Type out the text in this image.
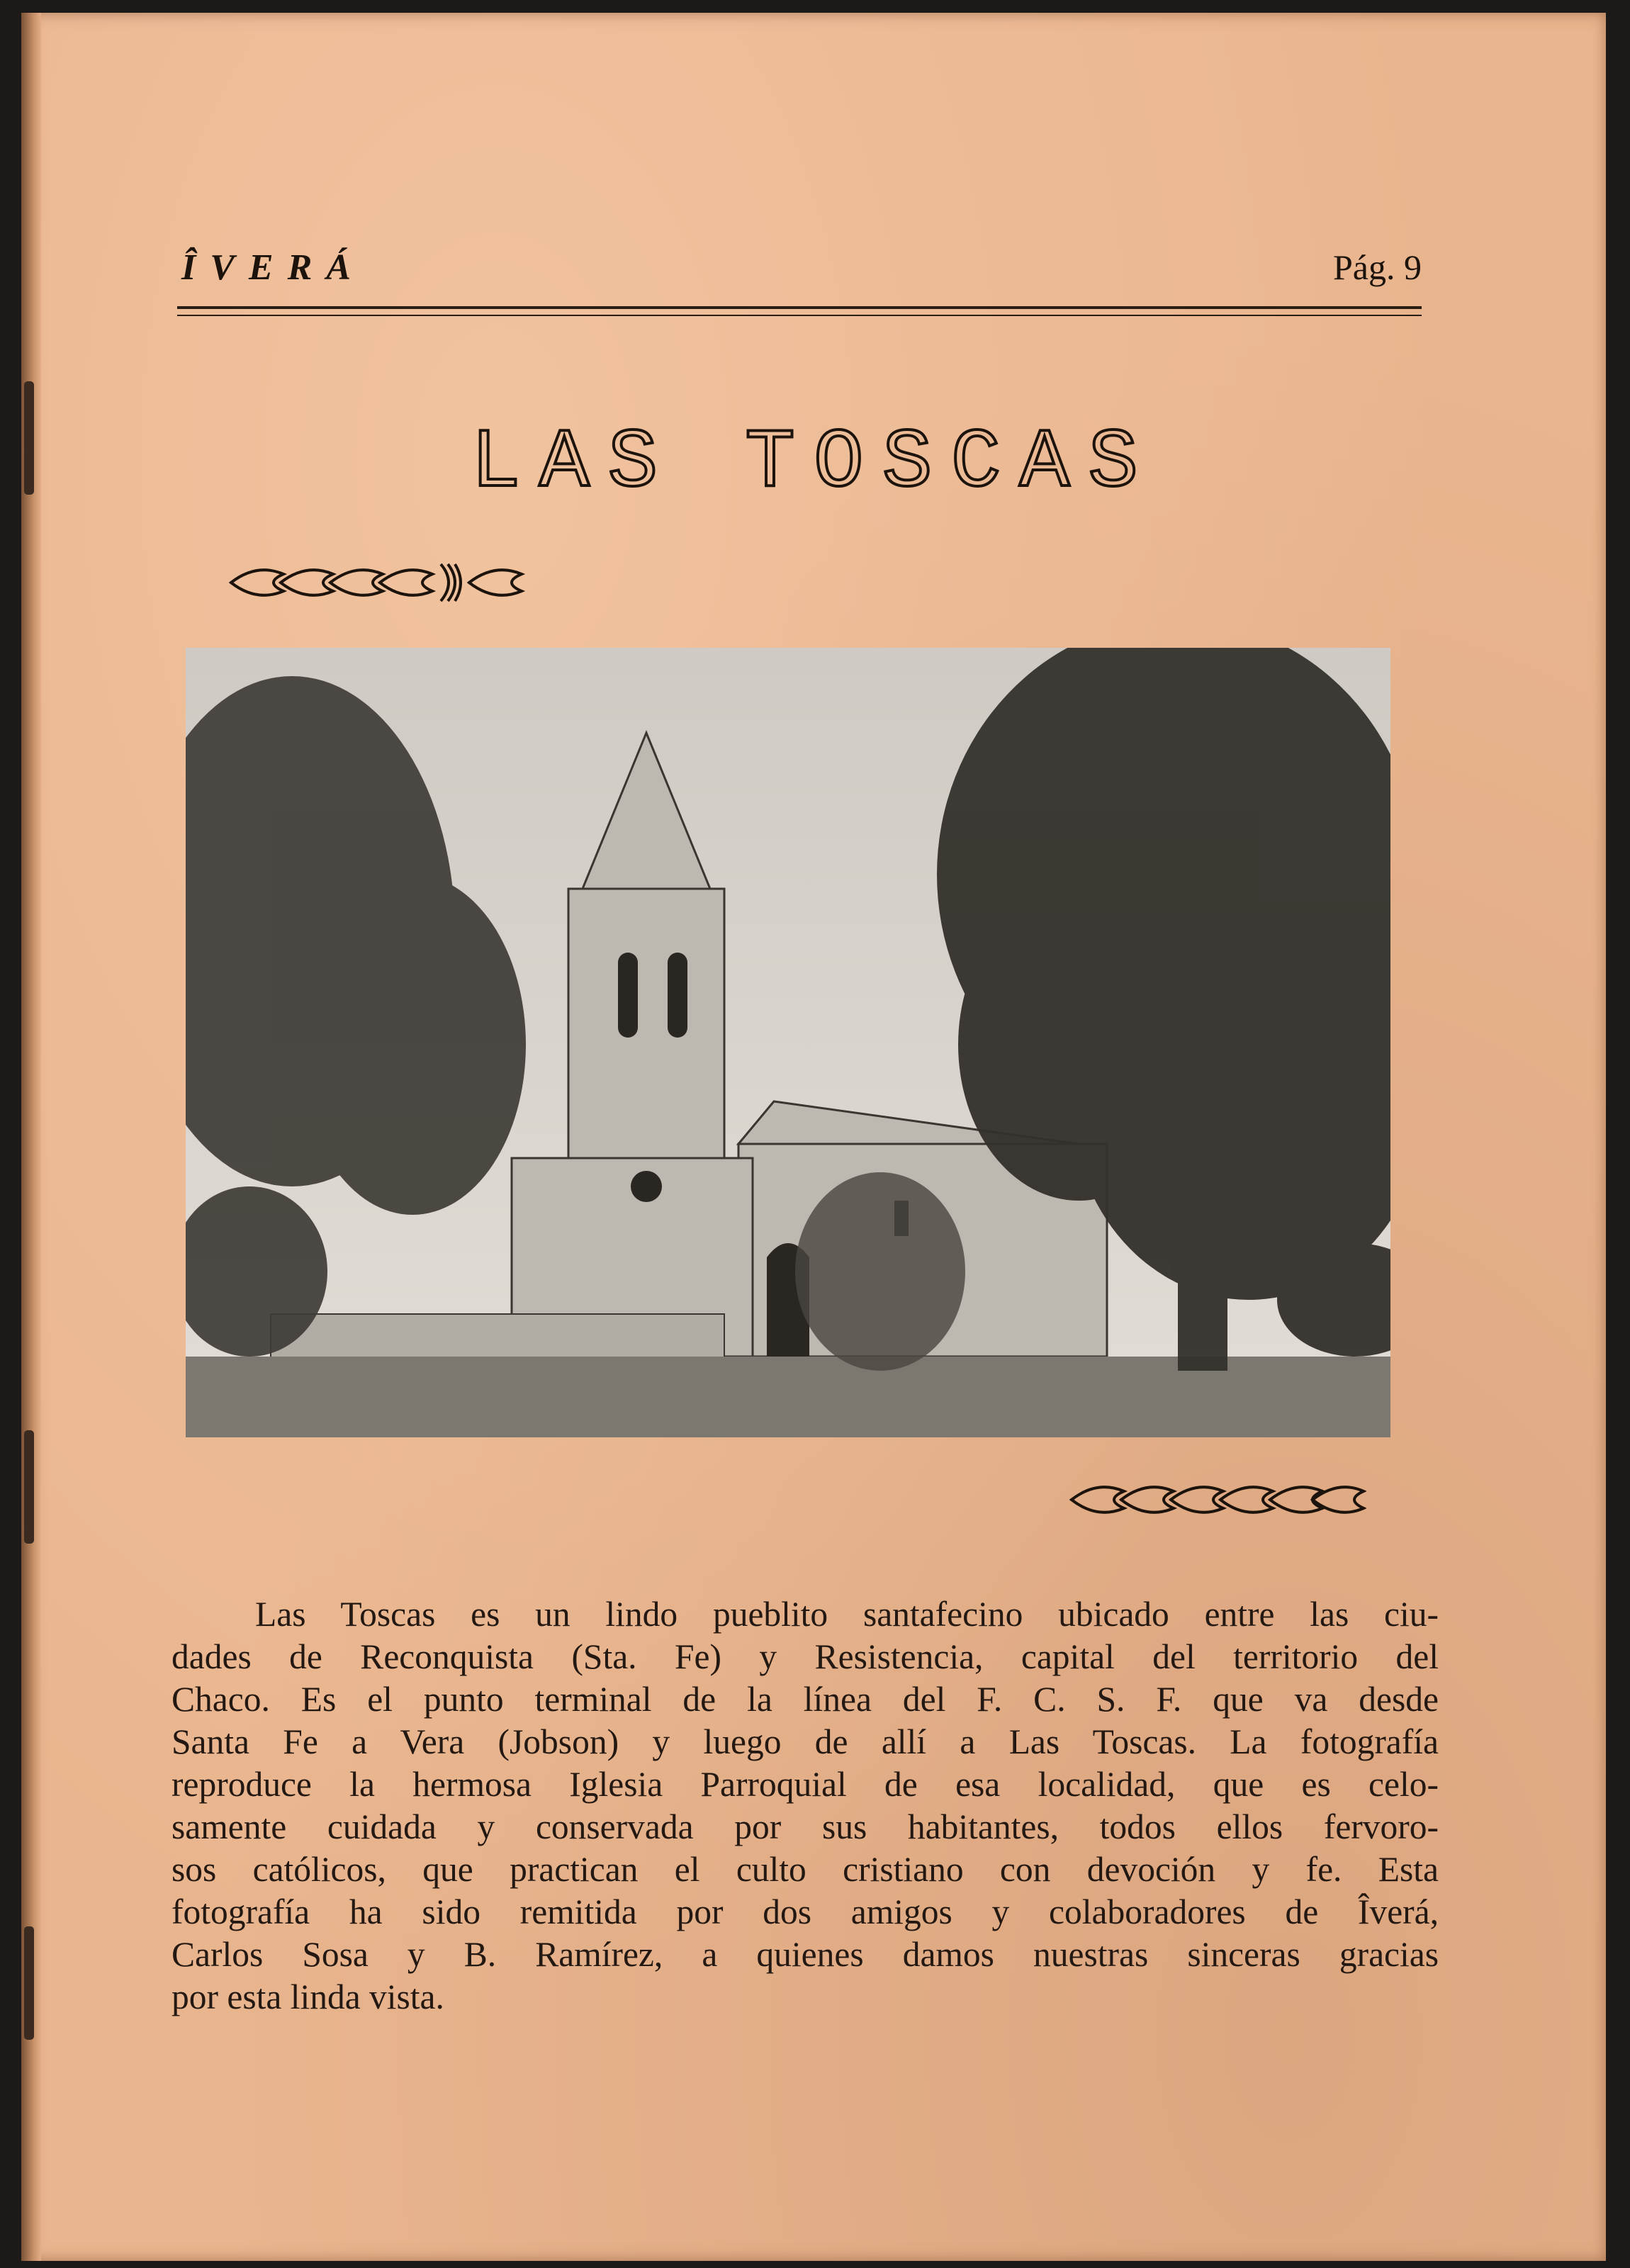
ÎVERÁ	Pág. 9
LAS TOSCAS
Las Toscas es un lindo pueblito santafecino ubicado entre las ciu-
dades de Reconquista (Sta. Fe) y Resistencia, capital del territorio del
Chaco. Es el punto terminal de la línea del F. C. S. F. que va desde
Santa Fe a Vera (Jobson) y luego de allí a Las Toscas. La fotografía
reproduce la hermosa Iglesia Parroquial de esa localidad, que es celo-
samente cuidada y conservada por sus habitantes, todos ellos fervoro-
sos católicos, que practican el culto cristiano con devoción y fe. Esta
fotografía ha sido remitida por dos amigos y colaboradores de Îverá,
Carlos Sosa y B. Ramírez, a quienes damos nuestras sinceras gracias
por esta linda vista.
